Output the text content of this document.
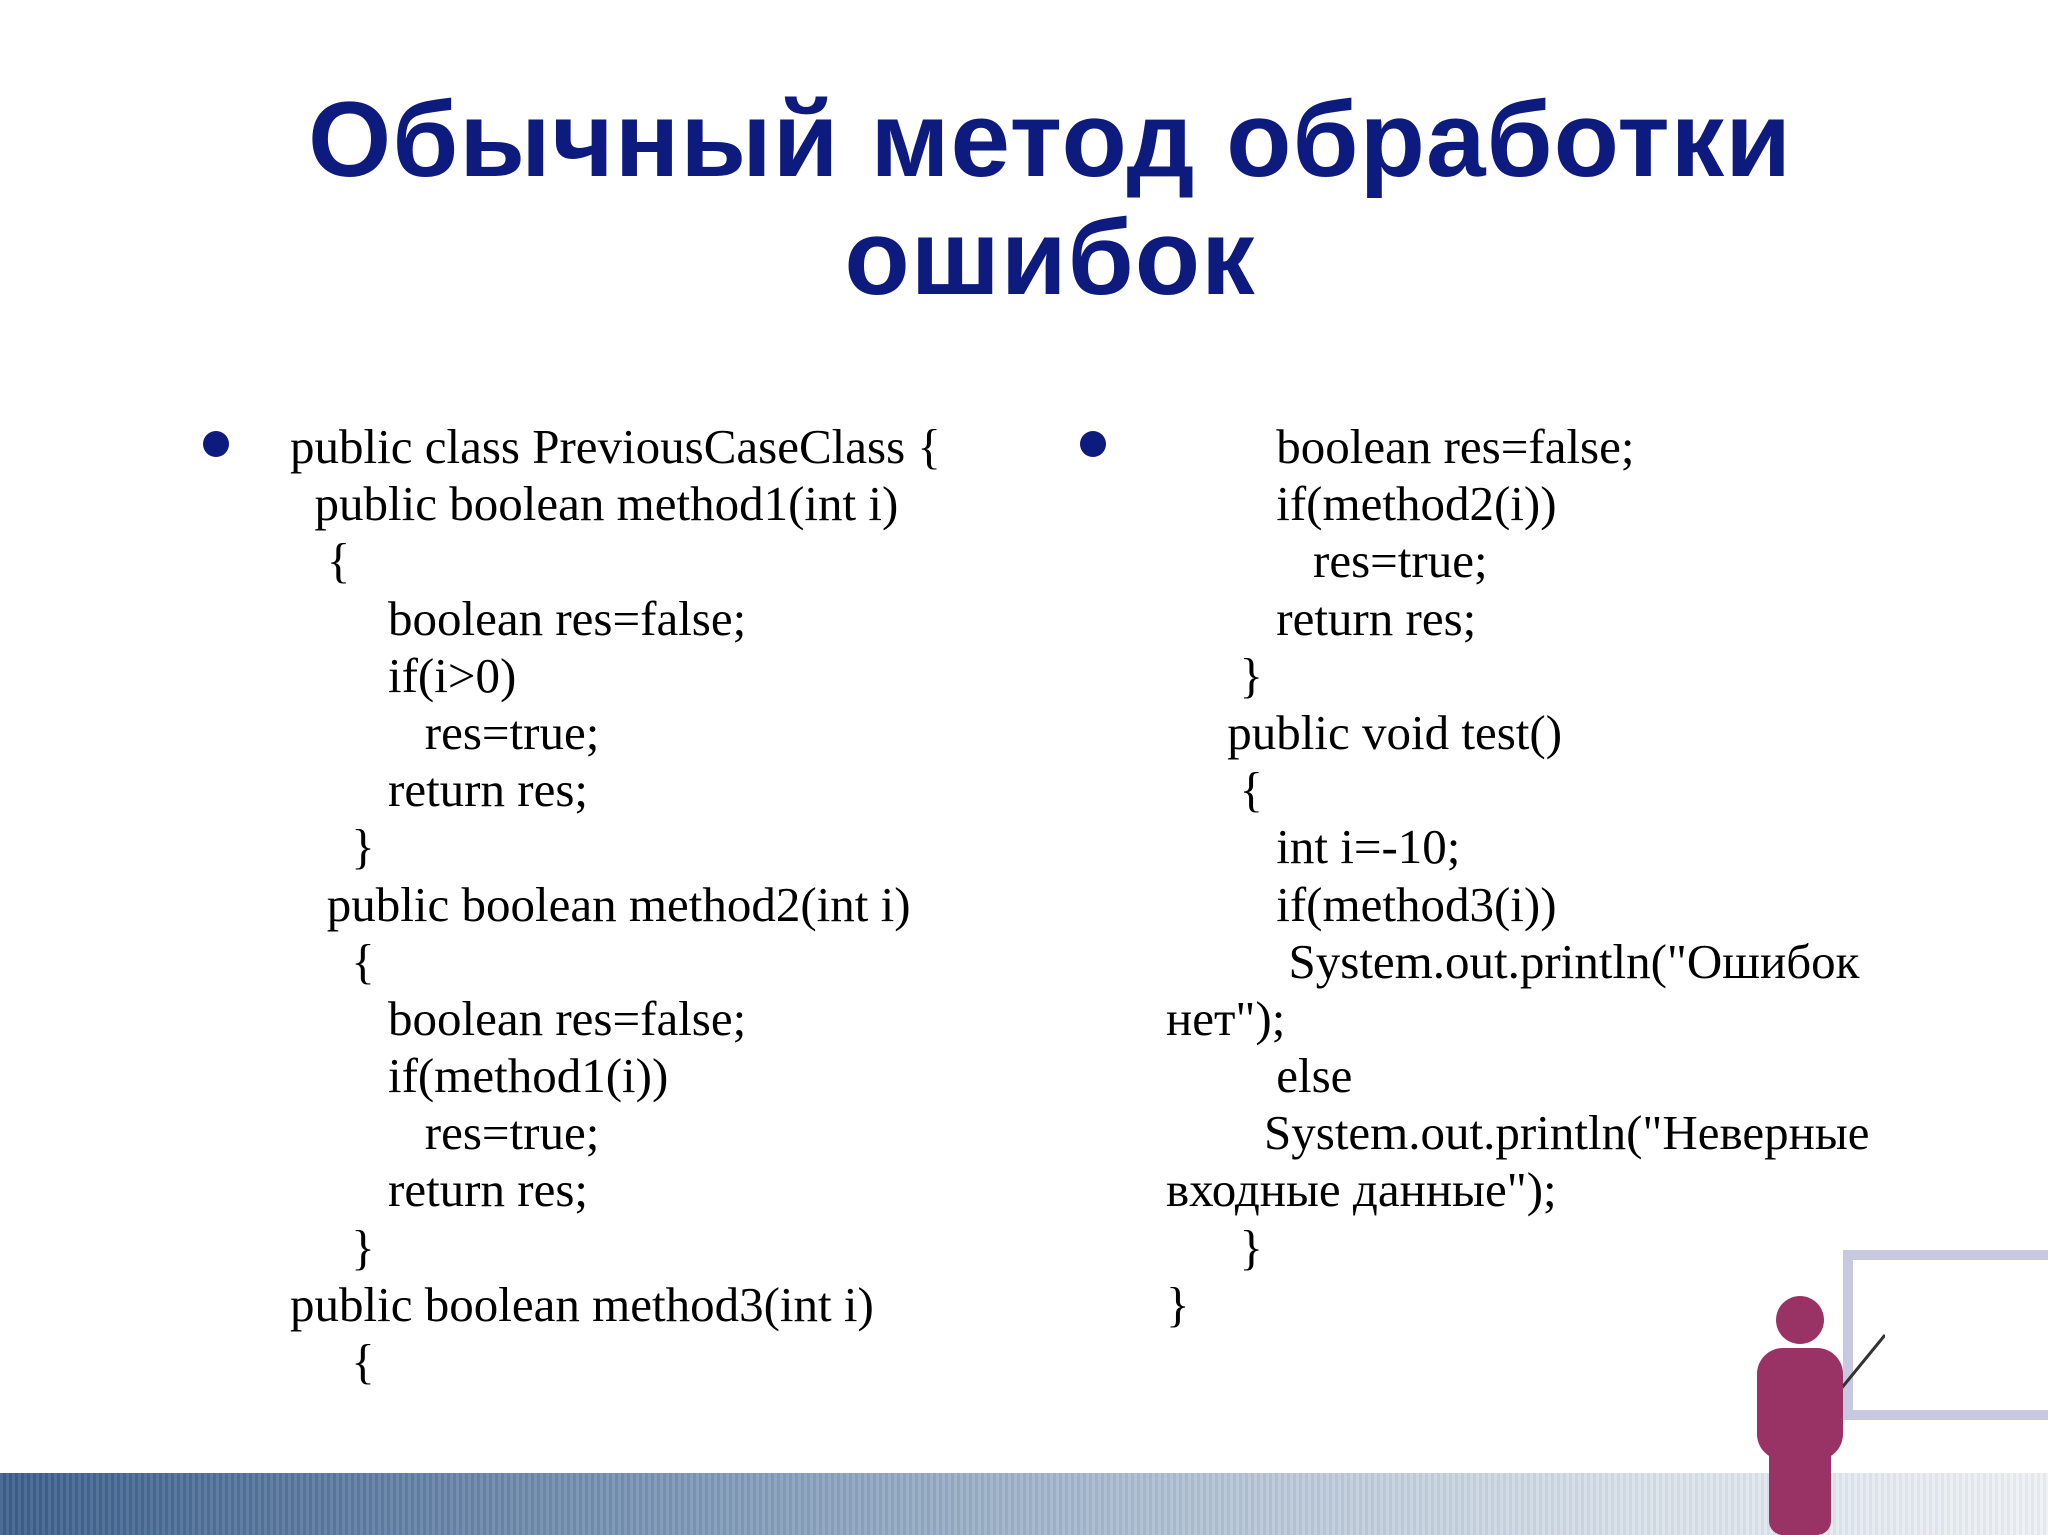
Обычный метод обработки
ошибок
public class PreviousCaseClass {
public boolean method1(int i)
{
boolean res=false;
if(i>0)
res=true;
return res;
}
public boolean method2(int i)
{
boolean res=false;
if(method1(i))
res=true;
return res;
}
public boolean method3(int i)
{
boolean res=false;
if(method2(i))
res=true;
return res;
}
public void test()
{
int i=-10;
if(method3(i))
System.out.println("Ошибок
нет");
else
System.out.println("Неверные
входные данные");
}
}
